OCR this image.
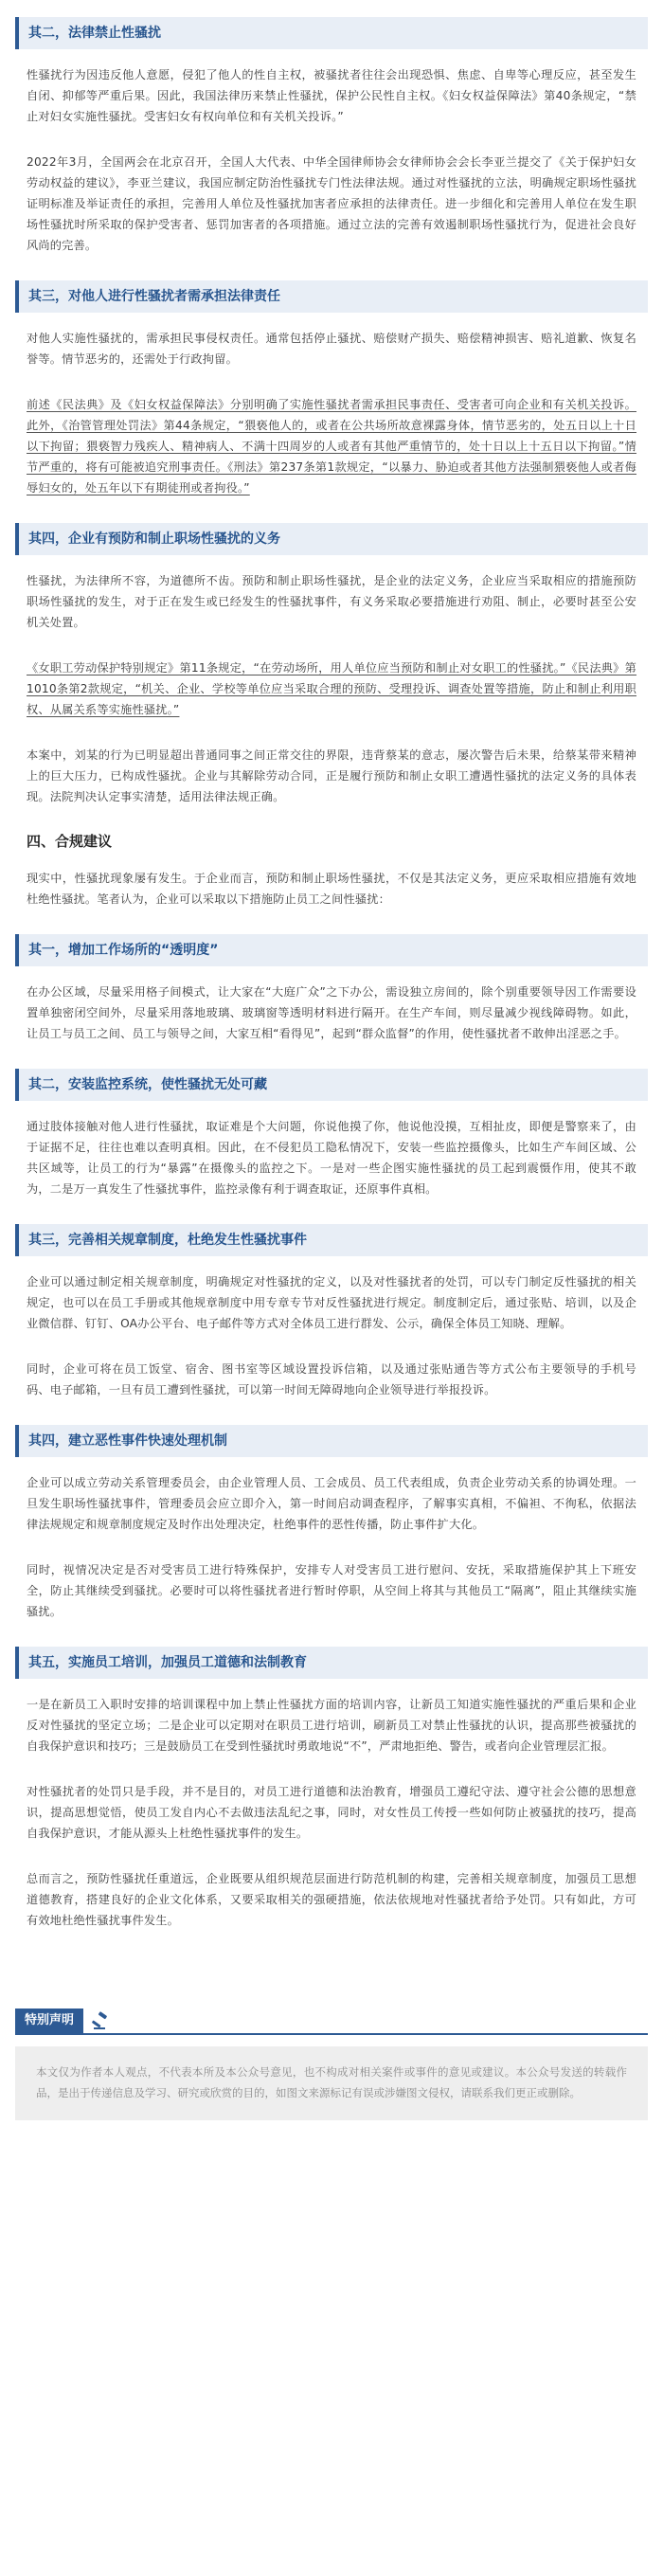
其二，法律禁止性骚扰

性骚扰行为因违反他人意愿，侵犯了他人的性自主权，被骚扰者往往会出现恐惧、焦虑、自卑等心理反应，甚至发生自闭、抑郁等严重后果。因此，我国法律历来禁止性骚扰，保护公民性自主权。《妇女权益保障法》第40条规定，“禁止对妇女实施性骚扰。受害妇女有权向单位和有关机关投诉。”

2022年3月，全国两会在北京召开，全国人大代表、中华全国律师协会女律师协会会长李亚兰提交了《关于保护妇女劳动权益的建议》，李亚兰建议，我国应制定防治性骚扰专门性法律法规。通过对性骚扰的立法，明确规定职场性骚扰证明标准及举证责任的承担，完善用人单位及性骚扰加害者应承担的法律责任。进一步细化和完善用人单位在发生职场性骚扰时所采取的保护受害者、惩罚加害者的各项措施。通过立法的完善有效遏制职场性骚扰行为，促进社会良好风尚的完善。

其三，对他人进行性骚扰者需承担法律责任

对他人实施性骚扰的，需承担民事侵权责任。通常包括停止骚扰、赔偿财产损失、赔偿精神损害、赔礼道歉、恢复名誉等。情节恶劣的，还需处于行政拘留。

前述《民法典》及《妇女权益保障法》分别明确了实施性骚扰者需承担民事责任、受害者可向企业和有关机关投诉。此外，《治管管理处罚法》第44条规定，“猥亵他人的，或者在公共场所故意裸露身体，情节恶劣的，处五日以上十日以下拘留；猥亵智力残疾人、精神病人、不满十四周岁的人或者有其他严重情节的，处十日以上十五日以下拘留。”情节严重的，将有可能被追究刑事责任。《刑法》第237条第1款规定，“以暴力、胁迫或者其他方法强制猥亵他人或者侮辱妇女的，处五年以下有期徒刑或者拘役。”

其四，企业有预防和制止职场性骚扰的义务

性骚扰，为法律所不容，为道德所不齿。预防和制止职场性骚扰，是企业的法定义务，企业应当采取相应的措施预防职场性骚扰的发生，对于正在发生或已经发生的性骚扰事件，有义务采取必要措施进行劝阻、制止，必要时甚至公安机关处置。

《女职工劳动保护特别规定》第11条规定，“在劳动场所，用人单位应当预防和制止对女职工的性骚扰。”《民法典》第1010条第2款规定，“机关、企业、学校等单位应当采取合理的预防、受理投诉、调查处置等措施，防止和制止利用职权、从属关系等实施性骚扰。”

本案中，刘某的行为已明显超出普通同事之间正常交往的界限，违背蔡某的意志，屡次警告后未果，给蔡某带来精神上的巨大压力，已构成性骚扰。企业与其解除劳动合同，正是履行预防和制止女职工遭遇性骚扰的法定义务的具体表现。法院判决认定事实清楚，适用法律法规正确。

四、合规建议

现实中，性骚扰现象屡有发生。于企业而言，预防和制止职场性骚扰，不仅是其法定义务，更应采取相应措施有效地杜绝性骚扰。笔者认为，企业可以采取以下措施防止员工之间性骚扰：

其一，增加工作场所的“透明度”

在办公区域，尽量采用格子间模式，让大家在“大庭广众”之下办公，需设独立房间的，除个别重要领导因工作需要设置单独密闭空间外，尽量采用落地玻璃、玻璃窗等透明材料进行隔开。在生产车间，则尽量减少视线障碍物。如此，让员工与员工之间、员工与领导之间，大家互相“看得见”，起到“群众监督”的作用，使性骚扰者不敢伸出淫恶之手。

其二，安装监控系统，使性骚扰无处可藏

通过肢体接触对他人进行性骚扰，取证难是个大问题，你说他摸了你，他说他没摸，互相扯皮，即便是警察来了，由于证据不足，往往也难以查明真相。因此，在不侵犯员工隐私情况下，安装一些监控摄像头，比如生产车间区域、公共区域等，让员工的行为“暴露”在摄像头的监控之下。一是对一些企图实施性骚扰的员工起到震慑作用，使其不敢为，二是万一真发生了性骚扰事件，监控录像有利于调查取证，还原事件真相。

其三，完善相关规章制度，杜绝发生性骚扰事件

企业可以通过制定相关规章制度，明确规定对性骚扰的定义，以及对性骚扰者的处罚，可以专门制定反性骚扰的相关规定，也可以在员工手册或其他规章制度中用专章专节对反性骚扰进行规定。制度制定后，通过张贴、培训，以及企业微信群、钉钉、OA办公平台、电子邮件等方式对全体员工进行群发、公示，确保全体员工知晓、理解。

同时，企业可将在员工饭堂、宿舍、图书室等区域设置投诉信箱，以及通过张贴通告等方式公布主要领导的手机号码、电子邮箱，一旦有员工遭到性骚扰，可以第一时间无障碍地向企业领导进行举报投诉。

其四，建立恶性事件快速处理机制

企业可以成立劳动关系管理委员会，由企业管理人员、工会成员、员工代表组成，负责企业劳动关系的协调处理。一旦发生职场性骚扰事件，管理委员会应立即介入，第一时间启动调查程序，了解事实真相，不偏袒、不徇私，依据法律法规规定和规章制度规定及时作出处理决定，杜绝事件的恶性传播，防止事件扩大化。

同时，视情况决定是否对受害员工进行特殊保护，安排专人对受害员工进行慰问、安抚，采取措施保护其上下班安全，防止其继续受到骚扰。必要时可以将性骚扰者进行暂时停职，从空间上将其与其他员工“隔离”，阻止其继续实施骚扰。

其五，实施员工培训，加强员工道德和法制教育

一是在新员工入职时安排的培训课程中加上禁止性骚扰方面的培训内容，让新员工知道实施性骚扰的严重后果和企业反对性骚扰的坚定立场；二是企业可以定期对在职员工进行培训，刷新员工对禁止性骚扰的认识，提高那些被骚扰的自我保护意识和技巧；三是鼓励员工在受到性骚扰时勇敢地说“不”，严肃地拒绝、警告，或者向企业管理层汇报。

对性骚扰者的处罚只是手段，并不是目的，对员工进行道德和法治教育，增强员工遵纪守法、遵守社会公德的思想意识，提高思想觉悟，使员工发自内心不去做违法乱纪之事，同时，对女性员工传授一些如何防止被骚扰的技巧，提高自我保护意识，才能从源头上杜绝性骚扰事件的发生。

总而言之，预防性骚扰任重道远，企业既要从组织规范层面进行防范机制的构建，完善相关规章制度，加强员工思想道德教育，搭建良好的企业文化体系，又要采取相关的强硬措施，依法依规地对性骚扰者给予处罚。只有如此，方可有效地杜绝性骚扰事件发生。

特别声明
本文仅为作者本人观点，不代表本所及本公众号意见，也不构成对相关案件或事件的意见或建议。本公众号发送的转载作品，是出于传递信息及学习、研究或欣赏的目的，如图文来源标记有误或涉嫌图文侵权，请联系我们更正或删除。
